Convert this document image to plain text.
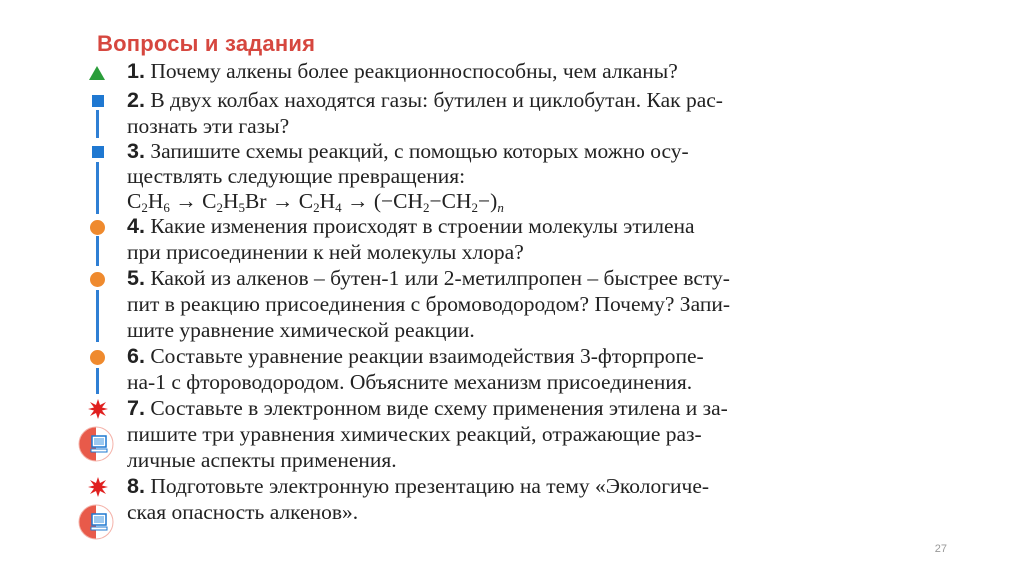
Вопросы и задания
1. Почему алкены более реакционноспособны, чем алканы?
2. В двух колбах находятся газы: бутилен и циклобутан. Как рас-
познать эти газы?
3. Запишите схемы реакций, с помощью которых можно осу-
ществлять следующие превращения:
$C_2H_6 \to C_2H_5Br \to C_2H_4 \to (-CH_2-CH_2-)_n$
4. Какие изменения происходят в строении молекулы этилена
при присоединении к ней молекулы хлора?
5. Какой из алкенов – бутен-1 или 2-метилпропен – быстрее всту-
пит в реакцию присоединения с бромоводородом? Почему? Запи-
шите уравнение химической реакции.
6. Составьте уравнение реакции взаимодействия 3-фторпропе-
на-1 с фтороводородом. Объясните механизм присоединения.
7. Составьте в электронном виде схему применения этилена и за-
пишите три уравнения химических реакций, отражающие раз-
личные аспекты применения.
8. Подготовьте электронную презентацию на тему «Экологиче-
ская опасность алкенов».
27
